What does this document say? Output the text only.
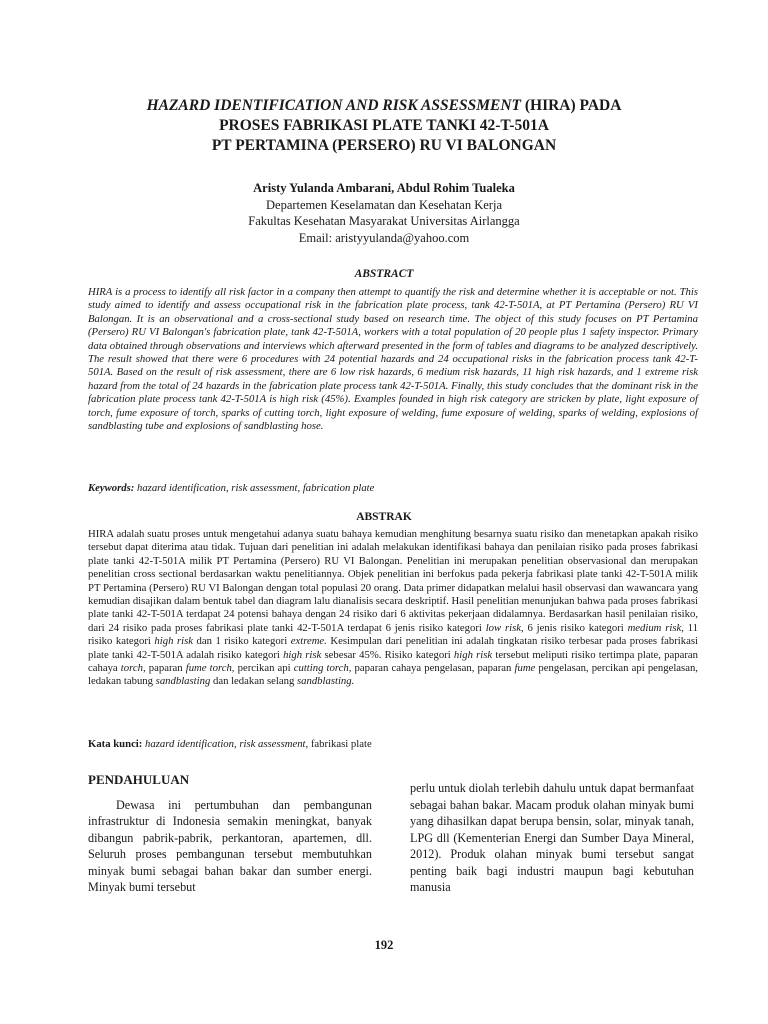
HAZARD IDENTIFICATION AND RISK ASSESSMENT (HIRA) PADA
PROSES FABRIKASI PLATE TANKI 42-T-501A
PT PERTAMINA (PERSERO) RU VI BALONGAN
Aristy Yulanda Ambarani, Abdul Rohim Tualeka
Departemen Keselamatan dan Kesehatan Kerja
Fakultas Kesehatan Masyarakat Universitas Airlangga
Email: aristyyulanda@yahoo.com
ABSTRACT

HIRA is a process to identify all risk factor in a company then attempt to quantify the risk and determine whether it is acceptable or not. This study aimed to identify and assess occupational risk in the fabrication plate process, tank 42-T-501A, at PT Pertamina (Persero) RU VI Balongan. It is an observational and a cross-sectional study based on research time. The object of this study focuses on PT Pertamina (Persero) RU VI Balongan's fabrication plate, tank 42-T-501A, workers with a total population of 20 people plus 1 safety inspector. Primary data obtained through observations and interviews which afterward presented in the form of tables and diagrams to be analyzed descriptively. The result showed that there were 6 procedures with 24 potential hazards and 24 occupational risks in the fabrication process tank 42-T-501A. Based on the result of risk assessment, there are 6 low risk hazards, 6 medium risk hazards, 11 high risk hazards, and 1 extreme risk hazard from the total of 24 hazards in the fabrication plate process tank 42-T-501A. Finally, this study concludes that the dominant risk in the fabrication plate process tank 42-T-501A is high risk (45%). Examples founded in high risk category are stricken by plate, light exposure of torch, fume exposure of torch, sparks of cutting torch, light exposure of welding, fume exposure of welding, sparks of welding, explosions of sandblasting tube and explosions of sandblasting hose.

Keywords: hazard identification, risk assessment, fabrication plate
ABSTRAK

HIRA adalah suatu proses untuk mengetahui adanya suatu bahaya kemudian menghitung besarnya suatu risiko dan menetapkan apakah risiko tersebut dapat diterima atau tidak. Tujuan dari penelitian ini adalah melakukan identifikasi bahaya dan penilaian risiko pada proses fabrikasi plate tanki 42-T-501A milik PT Pertamina (Persero) RU VI Balongan. Penelitian ini merupakan penelitian observasional dan merupakan penelitian cross sectional berdasarkan waktu penelitiannya. Objek penelitian ini berfokus pada pekerja fabrikasi plate tanki 42-T-501A milik PT Pertamina (Persero) RU VI Balongan dengan total populasi 20 orang. Data primer didapatkan melalui hasil observasi dan wawancara yang kemudian disajikan dalam bentuk tabel dan diagram lalu dianalisis secara deskriptif. Hasil penelitian menunjukan bahwa pada proses fabrikasi plate tanki 42-T-501A terdapat 24 potensi bahaya dengan 24 risiko dari 6 aktivitas pekerjaan didalamnya. Berdasarkan hasil penilaian risiko, dari 24 risiko pada proses fabrikasi plate tanki 42-T-501A terdapat 6 jenis risiko kategori low risk, 6 jenis risiko kategori medium risk, 11 risiko kategori high risk dan 1 risiko kategori extreme. Kesimpulan dari penelitian ini adalah tingkatan risiko terbesar pada proses fabrikasi plate tanki 42-T-501A adalah risiko kategori high risk sebesar 45%. Risiko kategori high risk tersebut meliputi risiko tertimpa plate, paparan cahaya torch, paparan fume torch, percikan api cutting torch, paparan cahaya pengelasan, paparan fume pengelasan, percikan api pengelasan, ledakan tabung sandblasting dan ledakan selang sandblasting.

Kata kunci: hazard identification, risk assessment, fabrikasi plate
PENDAHULUAN

Dewasa ini pertumbuhan dan pembangunan infrastruktur di Indonesia semakin meningkat, banyak dibangun pabrik-pabrik, perkantoran, apartemen, dll. Seluruh proses pembangunan tersebut membutuhkan minyak bumi sebagai bahan bakar dan sumber energi. Minyak bumi tersebut

perlu untuk diolah terlebih dahulu untuk dapat bermanfaat sebagai bahan bakar. Macam produk olahan minyak bumi yang dihasilkan dapat berupa bensin, solar, minyak tanah, LPG dll (Kementerian Energi dan Sumber Daya Mineral, 2012). Produk olahan minyak bumi tersebut sangat penting baik bagi industri maupun bagi kebutuhan manusia

192
